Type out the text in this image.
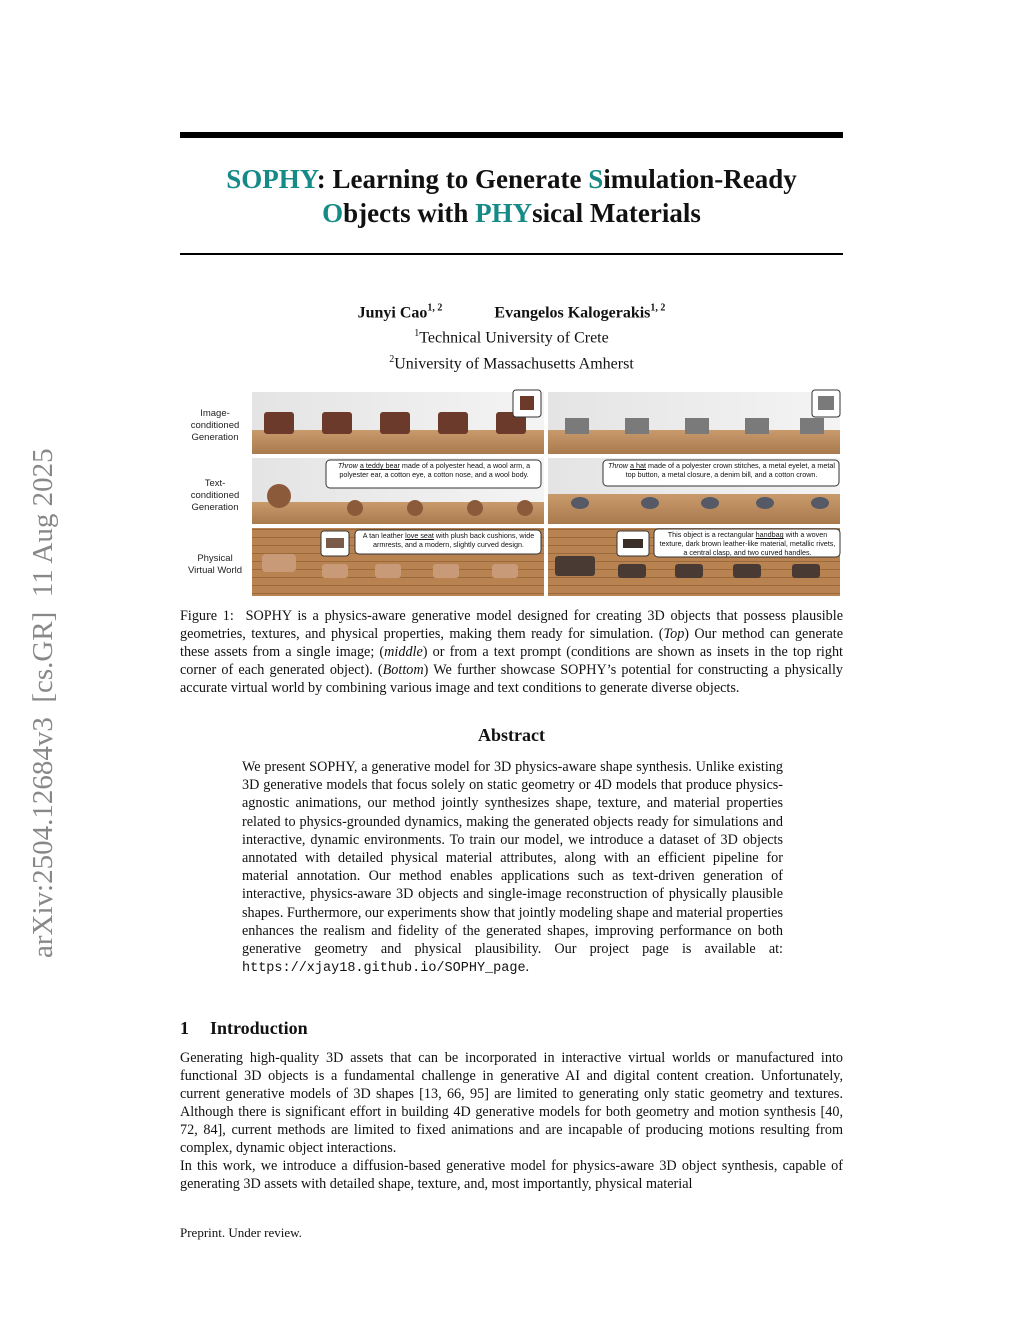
SOPHY: Learning to Generate Simulation-Ready
Objects with PHYsical Materials
Junyi Cao$^{1, 2}$	Evangelos Kalogerakis$^{1, 2}$
$^1$Technical University of Crete
$^2$University of Massachusetts Amherst
arXiv:2504.12684v3  [cs.GR]  11 Aug 2025
Image-
conditioned
Generation
Text-
conditioned
Generation
Physical
Virtual World
Throw a teddy bear made of a polyester head, a wool arm, a polyester ear, a cotton eye, a cotton nose, and a wool body.
Throw a hat made of a polyester crown stitches, a metal eyelet, a metal top button, a metal closure, a denim bill, and a cotton crown.
A tan leather love seat with plush back cushions, wide armrests, and a modern, slightly curved design.
This object is a rectangular handbag with a woven texture, dark brown leather-like material, metallic rivets, a central clasp, and two curved handles.
Figure 1: SOPHY is a physics-aware generative model designed for creating 3D objects that possess plausible geometries, textures, and physical properties, making them ready for simulation. (Top) Our method can generate these assets from a single image; (middle) or from a text prompt (conditions are shown as insets in the top right corner of each generated object). (Bottom) We further showcase SOPHY’s potential for constructing a physically accurate virtual world by combining various image and text conditions to generate diverse objects.
Abstract
We present SOPHY, a generative model for 3D physics-aware shape synthesis. Unlike existing 3D generative models that focus solely on static geometry or 4D models that produce physics-agnostic animations, our method jointly synthesizes shape, texture, and material properties related to physics-grounded dynamics, making the generated objects ready for simulations and interactive, dynamic environments. To train our model, we introduce a dataset of 3D objects annotated with detailed physical material attributes, along with an efficient pipeline for material annotation. Our method enables applications such as text-driven generation of interactive, physics-aware 3D objects and single-image reconstruction of physically plausible shapes. Furthermore, our experiments show that jointly modeling shape and material properties enhances the realism and fidelity of the generated shapes, improving performance on both generative geometry and physical plausibility. Our project page is available at: https://xjay18.github.io/SOPHY_page.
1 Introduction

Generating high-quality 3D assets that can be incorporated in interactive virtual worlds or manufactured into functional 3D objects is a fundamental challenge in generative AI and digital content creation. Unfortunately, current generative models of 3D shapes [13, 66, 95] are limited to generating only static geometry and textures. Although there is significant effort in building 4D generative models for both geometry and motion synthesis [40, 72, 84], current methods are limited to fixed animations and are incapable of producing motions resulting from complex, dynamic object interactions.

In this work, we introduce a diffusion-based generative model for physics-aware 3D object synthesis, capable of generating 3D assets with detailed shape, texture, and, most importantly, physical material

Preprint. Under review.
